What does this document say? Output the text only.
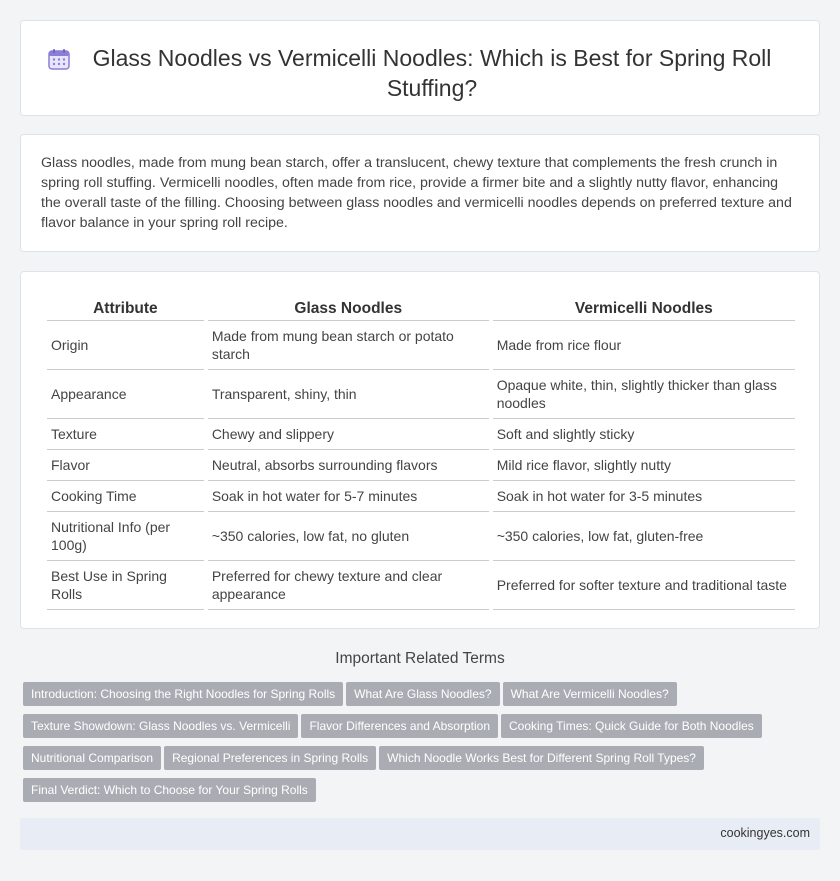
Glass Noodles vs Vermicelli Noodles: Which is Best for Spring Roll Stuffing?

Glass noodles, made from mung bean starch, offer a translucent, chewy texture that complements the fresh crunch in spring roll stuffing. Vermicelli noodles, often made from rice, provide a firmer bite and a slightly nutty flavor, enhancing the overall taste of the filling. Choosing between glass noodles and vermicelli noodles depends on preferred texture and flavor balance in your spring roll recipe.

Attribute	Glass Noodles	Vermicelli Noodles
Origin	Made from mung bean starch or potato starch	Made from rice flour
Appearance	Transparent, shiny, thin	Opaque white, thin, slightly thicker than glass noodles
Texture	Chewy and slippery	Soft and slightly sticky
Flavor	Neutral, absorbs surrounding flavors	Mild rice flavor, slightly nutty
Cooking Time	Soak in hot water for 5-7 minutes	Soak in hot water for 3-5 minutes
Nutritional Info (per 100g)	~350 calories, low fat, no gluten	~350 calories, low fat, gluten-free
Best Use in Spring Rolls	Preferred for chewy texture and clear appearance	Preferred for softer texture and traditional taste
Important Related Terms
Introduction: Choosing the Right Noodles for Spring Rolls What Are Glass Noodles? What Are Vermicelli Noodles?
Texture Showdown: Glass Noodles vs. Vermicelli Flavor Differences and Absorption Cooking Times: Quick Guide for Both Noodles
Nutritional Comparison Regional Preferences in Spring Rolls Which Noodle Works Best for Different Spring Roll Types?
Final Verdict: Which to Choose for Your Spring Rolls
cookingyes.com
